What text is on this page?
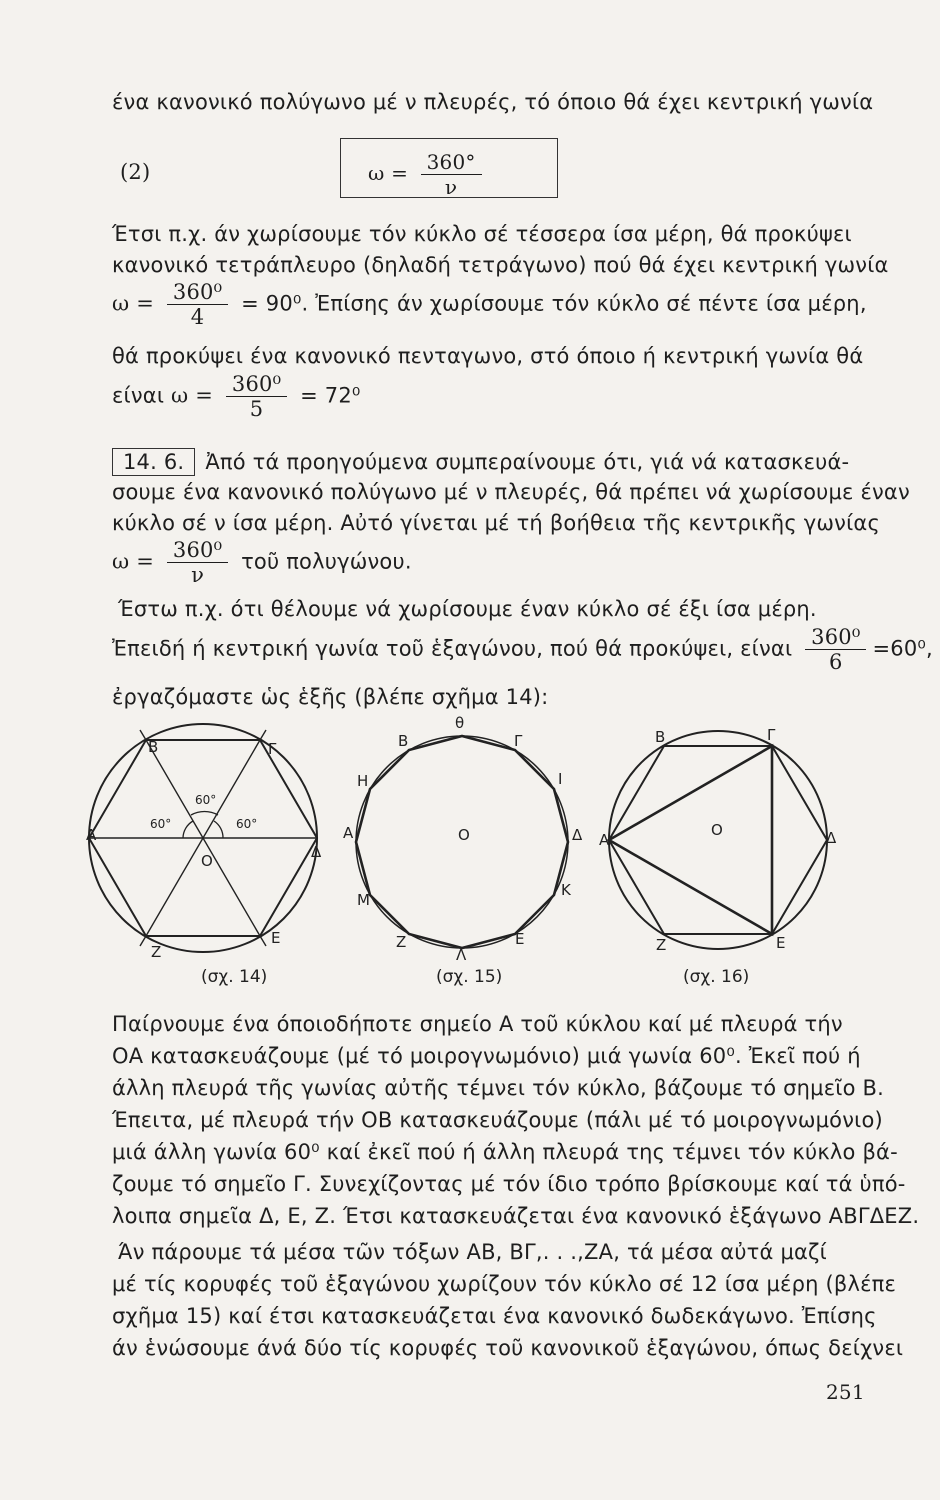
ένα κανονικό πολύγωνο μέ ν πλευρές, τό όποιο θά έχει κεντρική γωνία
(2)	$\omega = \frac{360^\circ}{\nu}$
Έτσι π.χ. άν χωρίσουμε τόν κύκλο σέ τέσσερα ίσα μέρη, θά προκύψει
κανονικό τετράπλευρο (δηλαδή τετράγωνο) πού θά έχει κεντρική γωνία
$\omega = \frac{\text{360⁰}}{4} = 90^0$. Ἐπίσης άν χωρίσουμε τόν κύκλο σέ πέντε ίσα μέρη,
θά προκύψει ένα κανονικό πενταγωνο, στό όποιο ή κεντρική γωνία θά
είναι $\omega = \frac{\text{360⁰}}{5} = 72^0$
14. 6. Ἀπό τά προηγούμενα συμπεραίνουμε ότι, γιά νά κατασκευά-
σουμε ένα κανονικό πολύγωνο μέ ν πλευρές, θά πρέπει νά χωρίσουμε έναν
κύκλο σέ ν ίσα μέρη. Αὐτό γίνεται μέ τή βοήθεια τῆς κεντρικῆς γωνίας
$\omega = \frac{\text{360⁰}}{\nu}$ τοῦ πολυγώνου.
Έστω π.χ. ότι θέλουμε νά χωρίσουμε έναν κύκλο σέ έξι ίσα μέρη.
Ἐπειδή ή κεντρική γωνία τοῦ ἑξαγώνου, πού θά προκύψει, είναι $\frac{\text{360⁰}}{6} =60^0$,
ἐργαζόμαστε ὡς ἑξῆς (βλέπε σχῆμα 14):
Β	Γ
Α
Δ
Ο
Ε
Ζ
60°
60°
60°
(σχ. 14)
θ
Β	Γ
Η	Ι
Α	Ο	Δ
Μ
Κ
Ζ	Ε
Λ
(σχ. 15)
Β	Γ
Α
Ο	Δ
Ζ	Ε
(σχ. 16)
Παίρνουμε ένα όποιοδήποτε σημείο Α τοῦ κύκλου καί μέ πλευρά τήν
ΟΑ κατασκευάζουμε (μέ τό μοιρογνωμόνιο) μιά γωνία 60⁰. Ἐκεῖ πού ή
άλλη πλευρά τῆς γωνίας αὐτῆς τέμνει τόν κύκλο, βάζουμε τό σημεῖο Β.
Έπειτα, μέ πλευρά τήν ΟΒ κατασκευάζουμε (πάλι μέ τό μοιρογνωμόνιο)
μιά άλλη γωνία 60⁰ καί ἐκεῖ πού ή άλλη πλευρά της τέμνει τόν κύκλο βά-
ζουμε τό σημεῖο Γ. Συνεχίζοντας μέ τόν ίδιο τρόπο βρίσκουμε καί τά ὑπό-
λοιπα σημεῖα Δ, Ε, Ζ. Έτσι κατασκευάζεται ένα κανονικό ἑξάγωνο ΑΒΓΔΕΖ.
Άν πάρουμε τά μέσα τῶν τόξων ΑΒ, ΒΓ,. . .,ΖΑ, τά μέσα αὐτά μαζί
μέ τίς κορυφές τοῦ ἑξαγώνου χωρίζουν τόν κύκλο σέ 12 ίσα μέρη (βλέπε
σχῆμα 15) καί έτσι κατασκευάζεται ένα κανονικό δωδεκάγωνο. Ἐπίσης
άν ἑνώσουμε άνά δύο τίς κορυφές τοῦ κανονικοῦ ἑξαγώνου, όπως δείχνει
251
